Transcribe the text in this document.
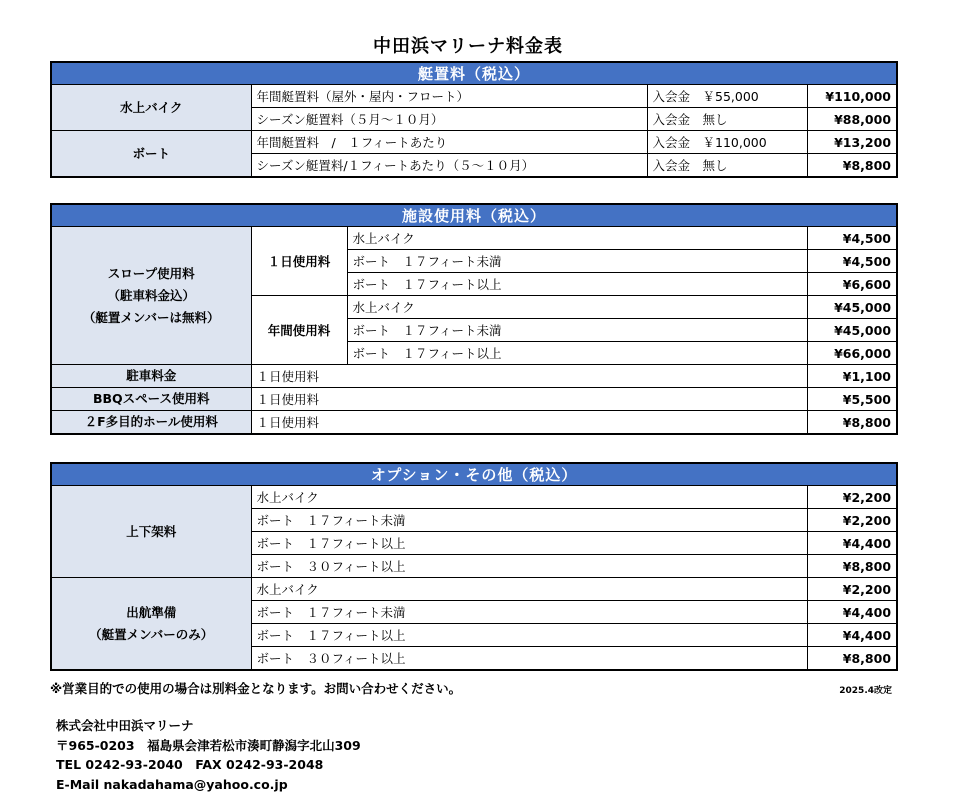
中田浜マリーナ料金表
艇置料（税込）			
水上バイク	年間艇置料（屋外・屋内・フロート）	入会金　￥55,000	¥110,000
	シーズン艇置料（５月～１０月）	入会金　無し	¥88,000
ボート	年間艇置料　/　１フィートあたり	入会金　￥110,000	¥13,200
	シーズン艇置料/１フィートあたり（５～１０月）	入会金　無し	¥8,800
施設使用料（税込）			

スロープ使用料
（駐車料金込）
（艇置メンバーは無料）	１日使用料	水上バイク	¥4,500
		ボート　１７フィート未満	¥4,500
		ボート　１７フィート以上	¥6,600
	年間使用料	水上バイク	¥45,000
		ボート　１７フィート未満	¥45,000
		ボート　１７フィート以上	¥66,000
駐車料金	１日使用料		¥1,100
BBQスペース使用料	１日使用料		¥5,500
２F多目的ホール使用料	１日使用料		¥8,800
オプション・その他（税込）		

上下架料	水上バイク	¥2,200
	ボート　１７フィート未満	¥2,200
	ボート　１７フィート以上	¥4,400
	ボート　３０フィート以上	¥8,800

出航準備
（艇置メンバーのみ）	水上バイク	¥2,200
	ボート　１７フィート未満	¥4,400
	ボート　１７フィート以上	¥4,400
	ボート　３０フィート以上	¥8,800
※営業目的での使用の場合は別料金となります。お問い合わせください。	2025.4改定
株式会社中田浜マリーナ
〒965-0203　福島県会津若松市湊町静潟字北山309
TEL 0242-93-2040　FAX 0242-93-2048
E-Mail nakadahama@yahoo.co.jp
